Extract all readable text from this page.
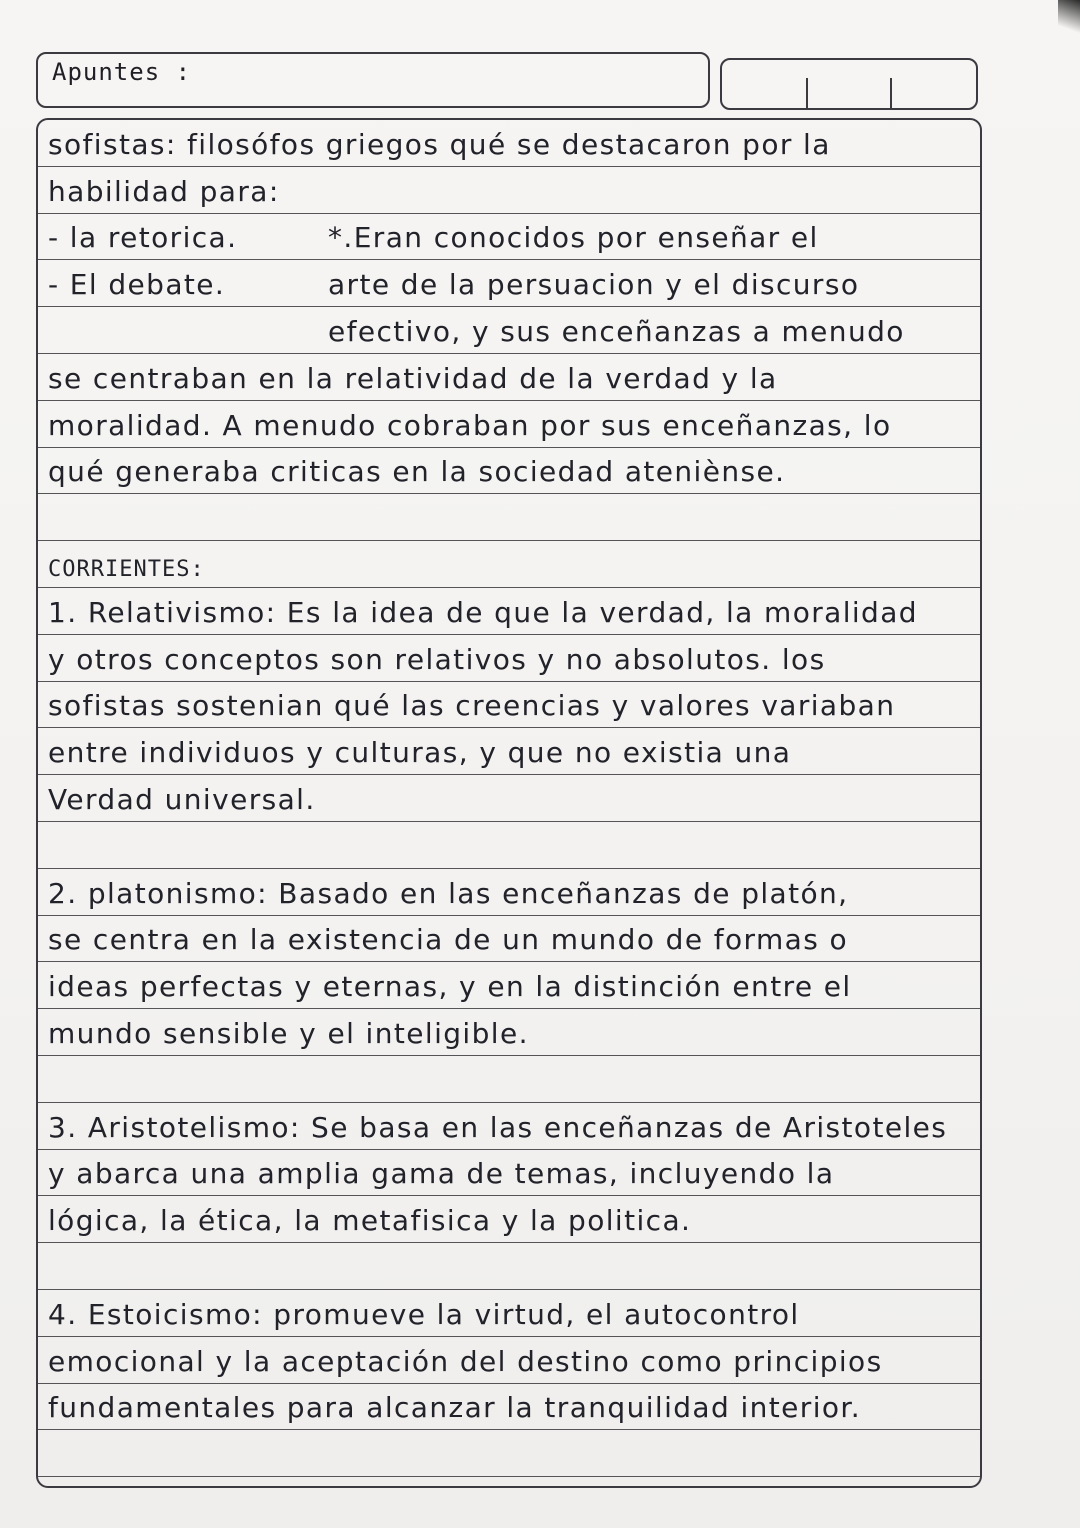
Apuntes :
sofistas: filosófos griegos qué se destacaron por la
habilidad para:
- la retorica.	*.Eran conocidos por enseñar el
- El debate.	arte de la persuacion y el discurso
efectivo, y sus enceñanzas a menudo
se centraban en la relatividad de la verdad y la
moralidad. A menudo cobraban por sus enceñanzas, lo
qué generaba criticas en la sociedad ateniènse.
CORRIENTES:
1. Relativismo: Es la idea de que la verdad, la moralidad
y otros conceptos son relativos y no absolutos. los
sofistas sostenian qué las creencias y valores variaban
entre individuos y culturas, y que no existia una
Verdad universal.
2. platonismo: Basado en las enceñanzas de platón,
se centra en la existencia de un mundo de formas o
ideas perfectas y eternas, y en la distinción entre el
mundo sensible y el inteligible.
3. Aristotelismo: Se basa en las enceñanzas de Aristoteles
y abarca una amplia gama de temas, incluyendo la
lógica, la ética, la metafisica y la politica.
4. Estoicismo: promueve la virtud, el autocontrol
emocional y la aceptación del destino como principios
fundamentales para alcanzar la tranquilidad interior.
